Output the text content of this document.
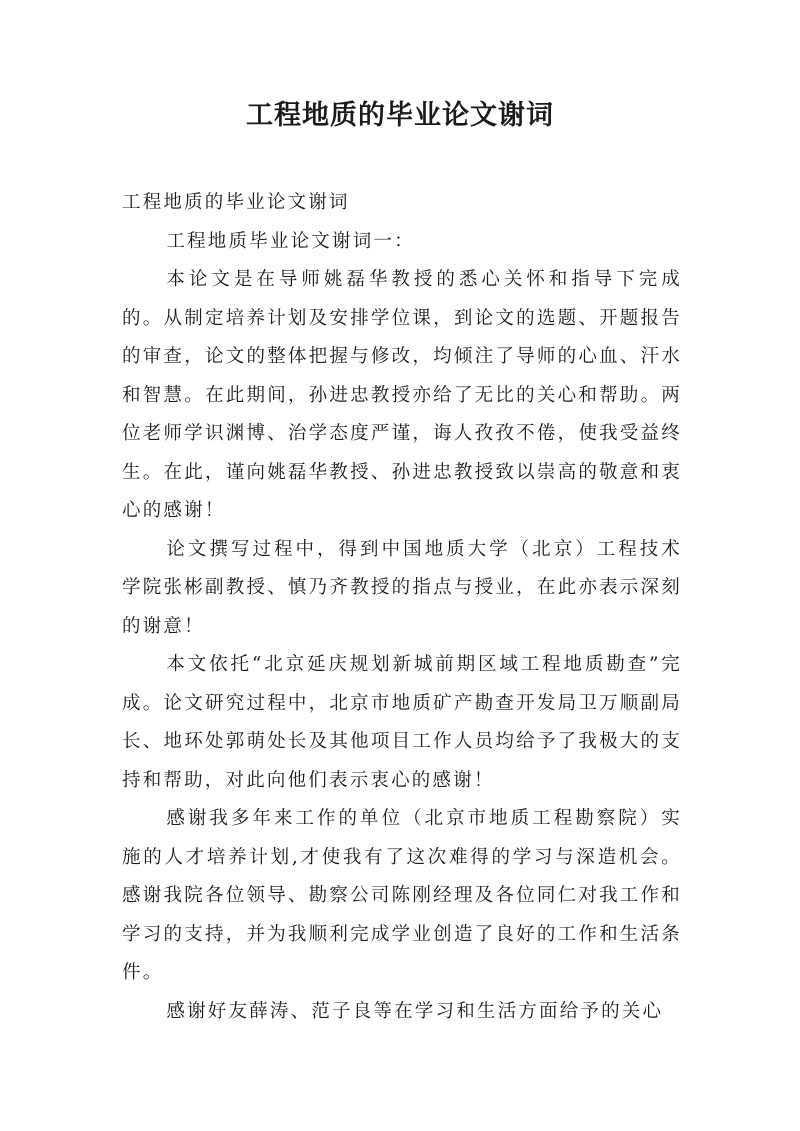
工程地质的毕业论文谢词

工程地质的毕业论文谢词

工程地质毕业论文谢词一：

本论文是在导师姚磊华教授的悉心关怀和指导下完成的。从制定培养计划及安排学位课，到论文的选题、开题报告的审查，论文的整体把握与修改，均倾注了导师的心血、汗水和智慧。在此期间，孙进忠教授亦给了无比的关心和帮助。两位老师学识渊博、治学态度严谨，诲人孜孜不倦，使我受益终生。在此，谨向姚磊华教授、孙进忠教授致以崇高的敬意和衷心的感谢！

论文撰写过程中，得到中国地质大学（北京）工程技术学院张彬副教授、慎乃齐教授的指点与授业，在此亦表示深刻的谢意！

本文依托“北京延庆规划新城前期区域工程地质勘查”完成。论文研究过程中，北京市地质矿产勘查开发局卫万顺副局长、地环处郭萌处长及其他项目工作人员均给予了我极大的支持和帮助，对此向他们表示衷心的感谢！

感谢我多年来工作的单位（北京市地质工程勘察院）实施的人才培养计划,才使我有了这次难得的学习与深造机会。感谢我院各位领导、勘察公司陈刚经理及各位同仁对我工作和学习的支持，并为我顺利完成学业创造了良好的工作和生活条件。

感谢好友薛涛、范子良等在学习和生活方面给予的关心
